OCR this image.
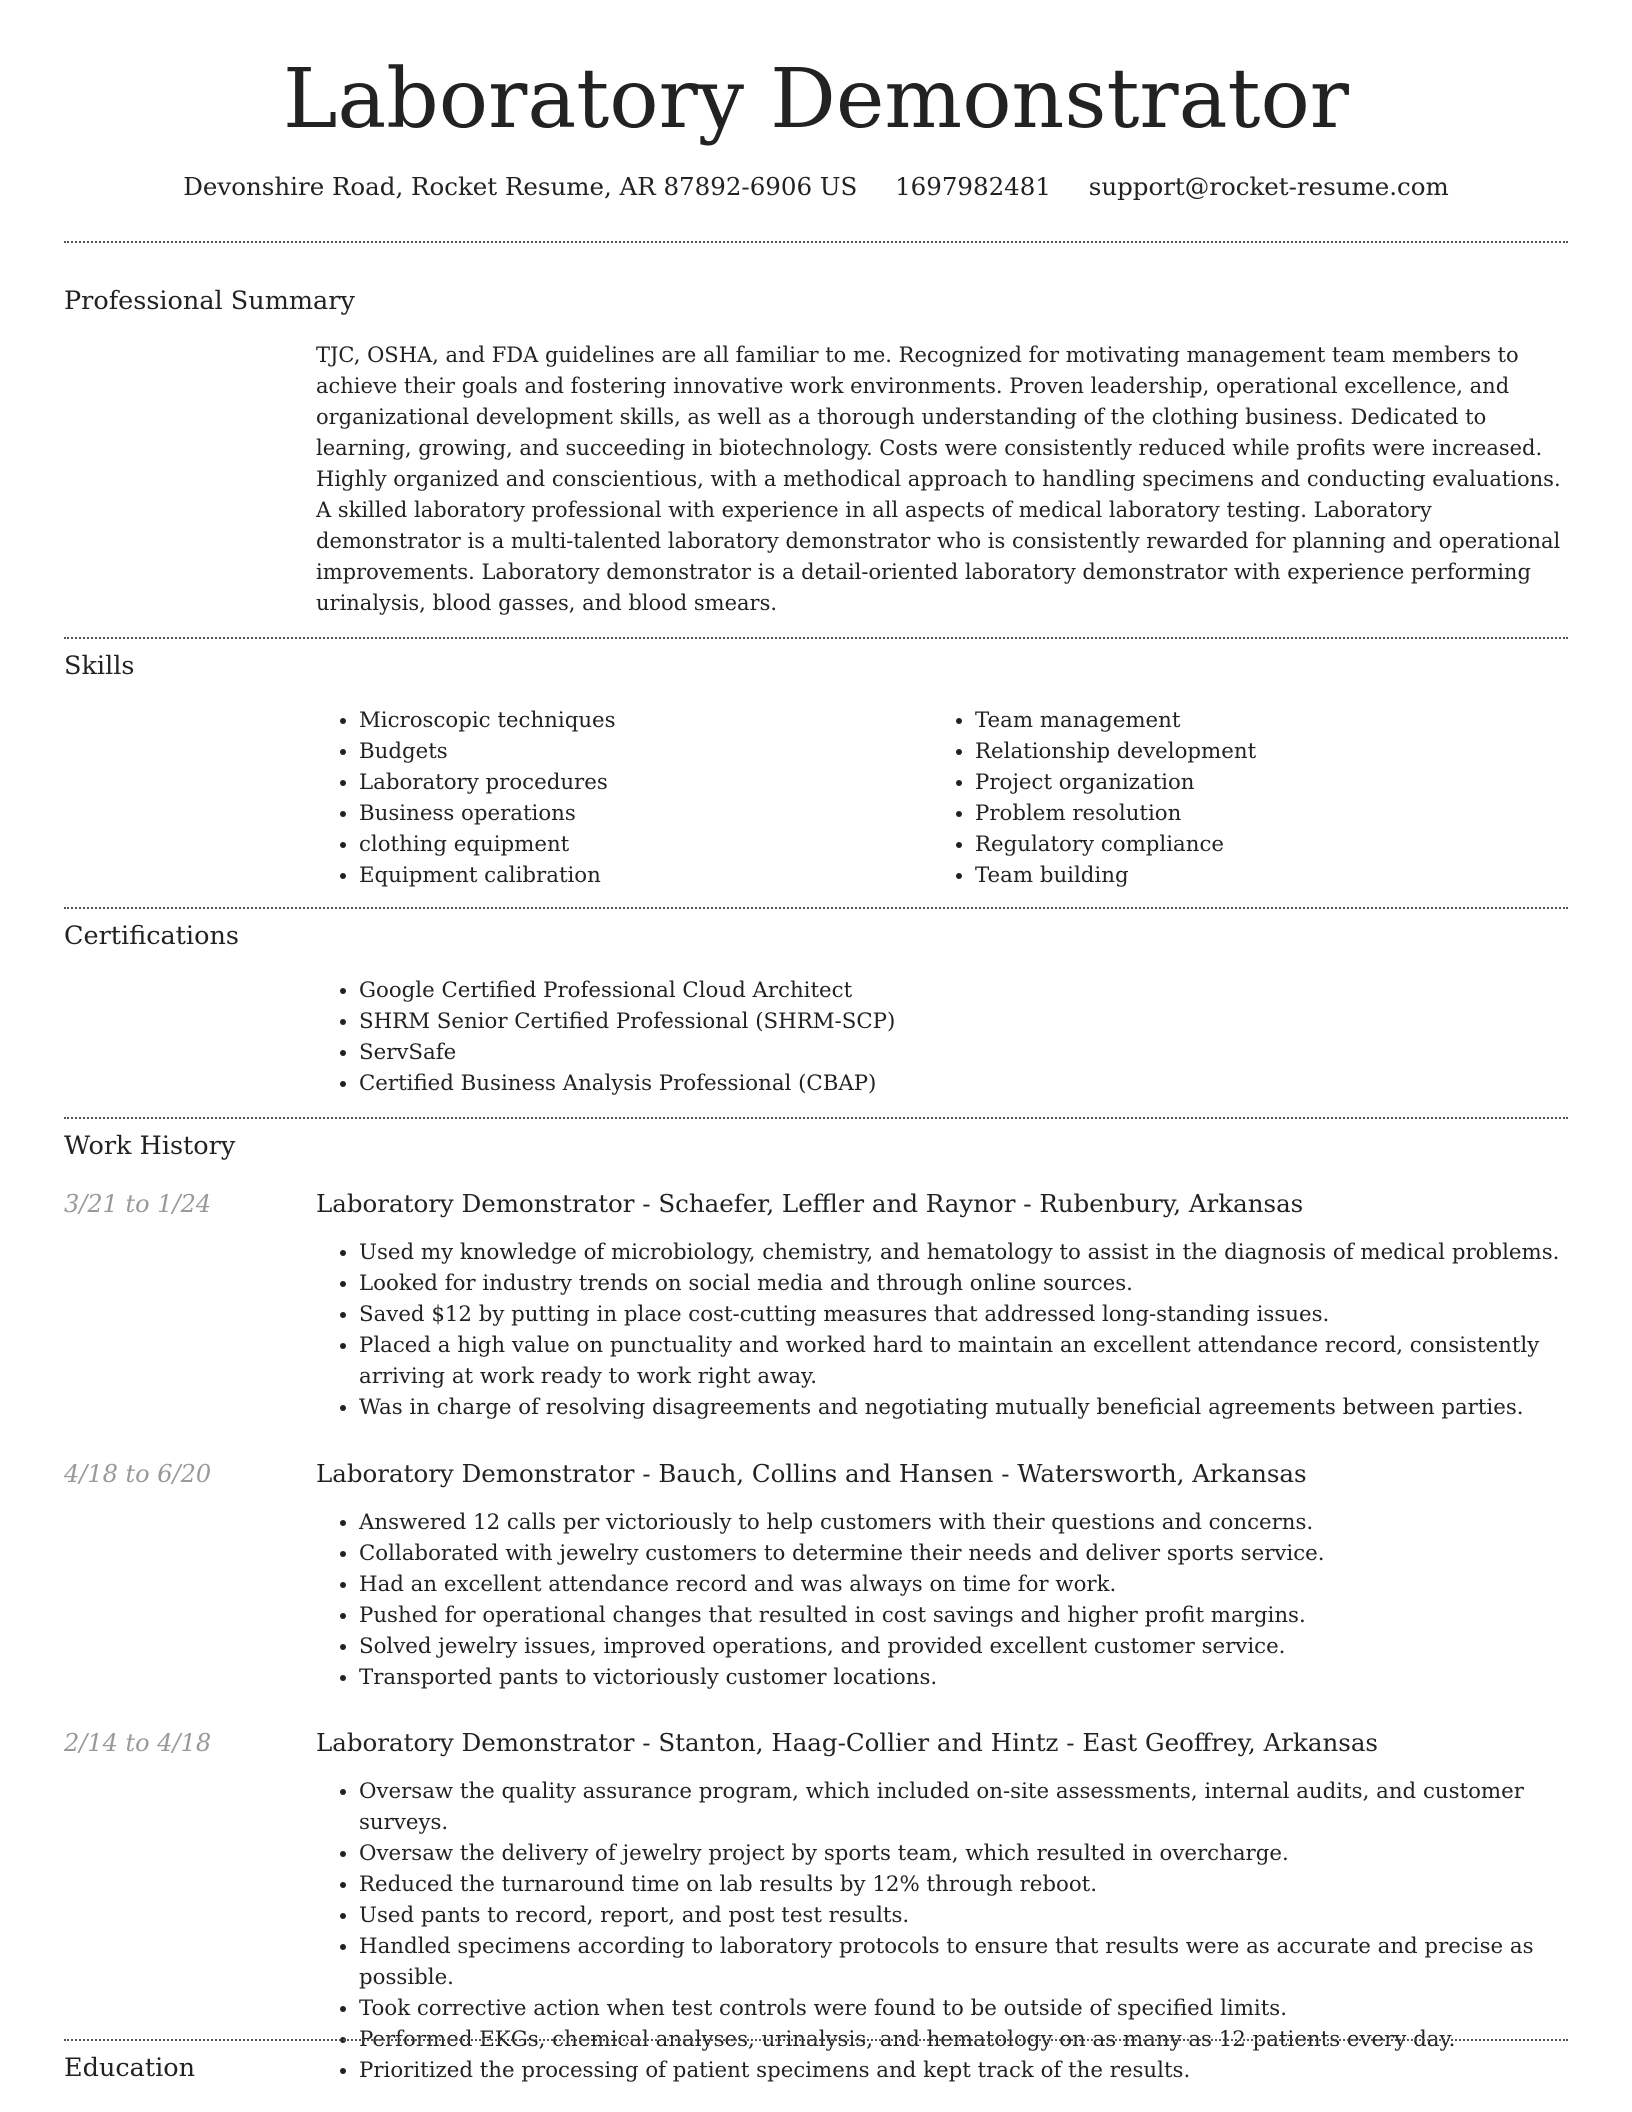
Laboratory Demonstrator
Devonshire Road, Rocket Resume, AR 87892-6906 US 1697982481 support@rocket-resume.com
Professional Summary

TJC, OSHA, and FDA guidelines are all familiar to me. Recognized for motivating management team members to achieve their goals and fostering innovative work environments. Proven leadership, operational excellence, and organizational development skills, as well as a thorough understanding of the clothing business. Dedicated to learning, growing, and succeeding in biotechnology. Costs were consistently reduced while profits were increased. Highly organized and conscientious, with a methodical approach to handling specimens and conducting evaluations. A skilled laboratory professional with experience in all aspects of medical laboratory testing. Laboratory demonstrator is a multi-talented laboratory demonstrator who is consistently rewarded for planning and operational improvements. Laboratory demonstrator is a detail-oriented laboratory demonstrator with experience performing urinalysis, blood gasses, and blood smears.

Skills
• Microscopic techniques
• Budgets
• Laboratory procedures
• Business operations
• clothing equipment
• Equipment calibration
• Team management
• Relationship development
• Project organization
• Problem resolution
• Regulatory compliance
• Team building
Certifications
• Google Certified Professional Cloud Architect
• SHRM Senior Certified Professional (SHRM-SCP)
• ServSafe
• Certified Business Analysis Professional (CBAP)
Work History
3/21 to 1/24	Laboratory Demonstrator - Schaefer, Leffler and Raynor - Rubenbury, Arkansas
• Used my knowledge of microbiology, chemistry, and hematology to assist in the diagnosis of medical problems.
• Looked for industry trends on social media and through online sources.
• Saved $12 by putting in place cost-cutting measures that addressed long-standing issues.
• Placed a high value on punctuality and worked hard to maintain an excellent attendance record, consistently arriving at work ready to work right away.
• Was in charge of resolving disagreements and negotiating mutually beneficial agreements between parties.
4/18 to 6/20	Laboratory Demonstrator - Bauch, Collins and Hansen - Watersworth, Arkansas
• Answered 12 calls per victoriously to help customers with their questions and concerns.
• Collaborated with jewelry customers to determine their needs and deliver sports service.
• Had an excellent attendance record and was always on time for work.
• Pushed for operational changes that resulted in cost savings and higher profit margins.
• Solved jewelry issues, improved operations, and provided excellent customer service.
• Transported pants to victoriously customer locations.
2/14 to 4/18	Laboratory Demonstrator - Stanton, Haag-Collier and Hintz - East Geoffrey, Arkansas
• Oversaw the quality assurance program, which included on-site assessments, internal audits, and customer surveys.
• Oversaw the delivery of jewelry project by sports team, which resulted in overcharge.
• Reduced the turnaround time on lab results by 12% through reboot.
• Used pants to record, report, and post test results.
• Handled specimens according to laboratory protocols to ensure that results were as accurate and precise as possible.
• Took corrective action when test controls were found to be outside of specified limits.
• Performed EKGs, chemical analyses, urinalysis, and hematology on as many as 12 patients every day.
• Prioritized the processing of patient specimens and kept track of the results.
Education
